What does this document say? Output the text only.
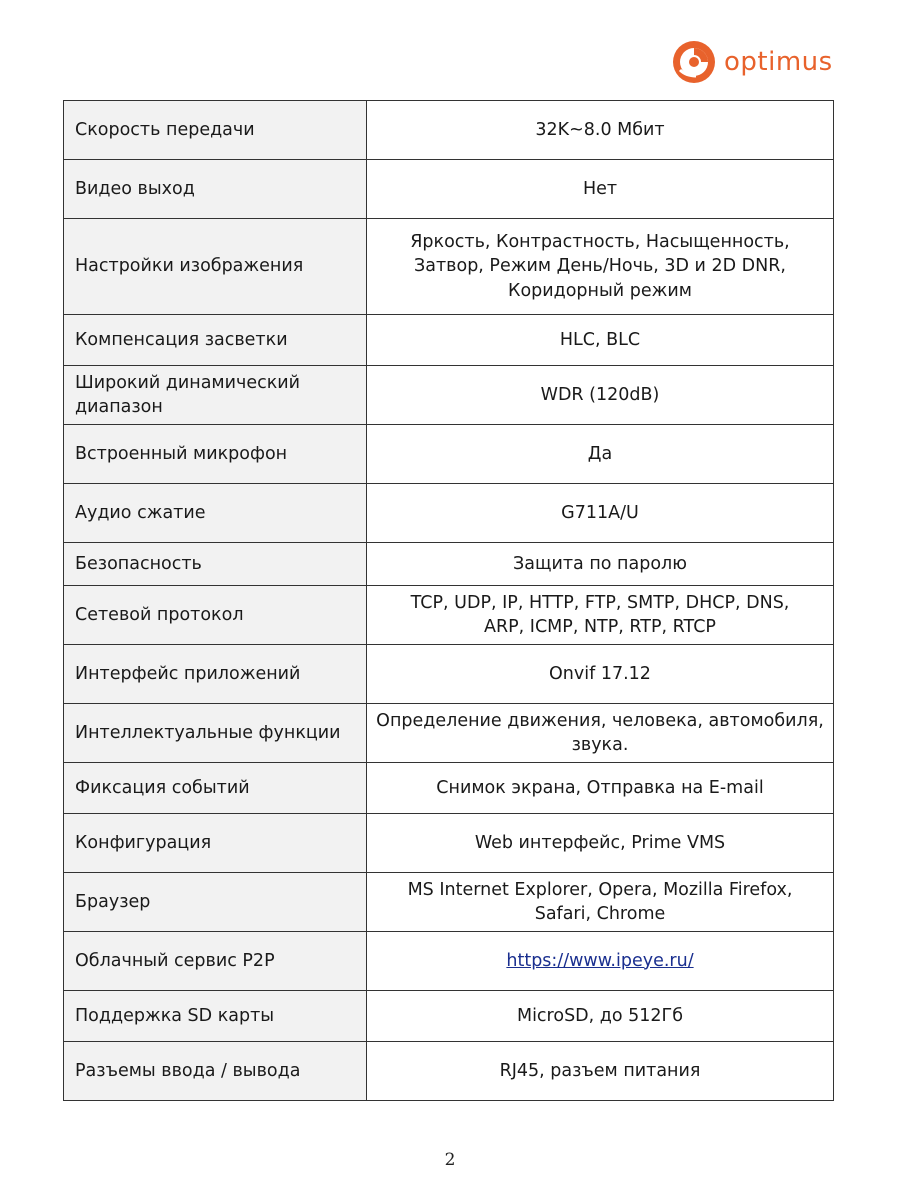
optimus
Скорость передачи	32K~8.0 Мбит
Видео выход	Нет
Настройки изображения	Яркость, Контрастность, Насыщенность,
Затвор, Режим День/Ночь, 3D и 2D DNR,
Коридорный режим

Компенсация засветки	HLC, BLC

Широкий динамический
диапазон	WDR (120dB)
Встроенный микрофон	Да
Аудио сжатие	G711A/U
Безопасность	Защита по паролю
Сетевой протокол	TCP, UDP, IP, HTTP, FTP, SMTP, DHCP, DNS,
ARP, ICMP, NTP, RTP, RTCP

Интерфейс приложений	Onvif 17.12
Интеллектуальные функции	Определение движения, человека, автомобиля,
звука.

Фиксация событий	Снимок экрана, Отправка на E-mail
Конфигурация	Web интерфейс, Prime VMS
Браузер	MS Internet Explorer, Opera, Mozilla Firefox,
Safari, Chrome

Облачный сервис P2P	https://www.ipeye.ru/
Поддержка SD карты	MicroSD, до 512Гб
Разъемы ввода / вывода	RJ45, разъем питания
2
